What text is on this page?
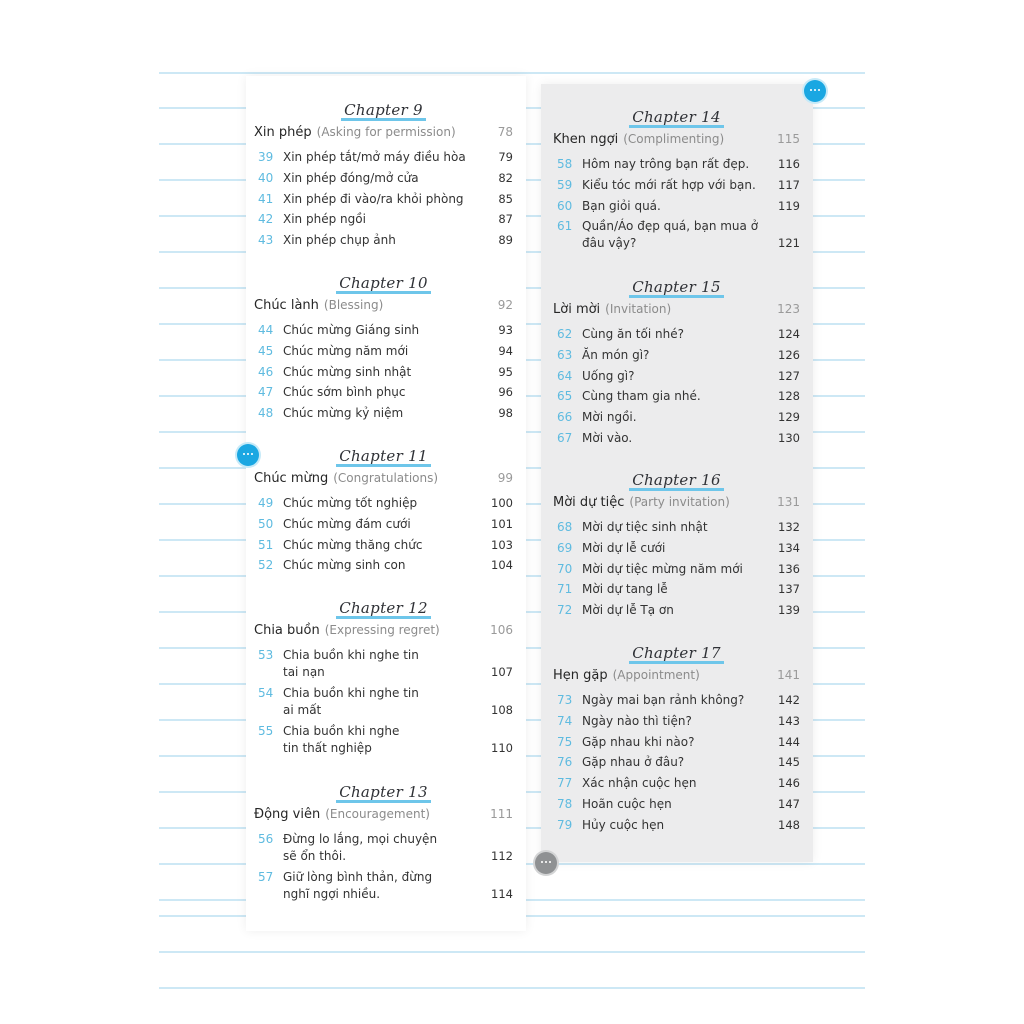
Chapter 9
Xin phép (Asking for permission)	78
39 Xin phép tắt/mở máy điều hòa	79
40 Xin phép đóng/mở cửa	82
41 Xin phép đi vào/ra khỏi phòng	85
42 Xin phép ngồi	87
43 Xin phép chụp ảnh	89
Chapter 10
Chúc lành (Blessing)	92
44 Chúc mừng Giáng sinh	93
45 Chúc mừng năm mới	94
46 Chúc mừng sinh nhật	95
47 Chúc sớm bình phục	96
48 Chúc mừng kỷ niệm	98
Chapter 11
Chúc mừng (Congratulations)	99
49 Chúc mừng tốt nghiệp	100
50 Chúc mừng đám cưới	101
51 Chúc mừng thăng chức	103
52 Chúc mừng sinh con	104
Chapter 12
Chia buồn (Expressing regret)	106
53 Chia buồn khi nghe tin
tai nạn	107
54 Chia buồn khi nghe tin
ai mất	108
55 Chia buồn khi nghe
tin thất nghiệp	110
Chapter 13
Động viên (Encouragement)	111
56 Đừng lo lắng, mọi chuyện
sẽ ổn thôi.	112
57 Giữ lòng bình thản, đừng
nghĩ ngợi nhiều.	114
Chapter 14
Khen ngợi (Complimenting)	115
58 Hôm nay trông bạn rất đẹp.	116
59 Kiểu tóc mới rất hợp với bạn.	117
60 Bạn giỏi quá.	119
61 Quần/Áo đẹp quá, bạn mua ở
đâu vậy?	121
Chapter 15
Lời mời (Invitation)	123
62 Cùng ăn tối nhé?	124
63 Ăn món gì?	126
64 Uống gì?	127
65 Cùng tham gia nhé.	128
66 Mời ngồi.	129
67 Mời vào.	130
Chapter 16
Mời dự tiệc (Party invitation)	131
68 Mời dự tiệc sinh nhật	132
69 Mời dự lễ cưới	134
70 Mời dự tiệc mừng năm mới	136
71 Mời dự tang lễ	137
72 Mời dự lễ Tạ ơn	139
Chapter 17
Hẹn gặp (Appointment)	141
73 Ngày mai bạn rảnh không?	142
74 Ngày nào thì tiện?	143
75 Gặp nhau khi nào?	144
76 Gặp nhau ở đâu?	145
77 Xác nhận cuộc hẹn	146
78 Hoãn cuộc hẹn	147
79 Hủy cuộc hẹn	148
